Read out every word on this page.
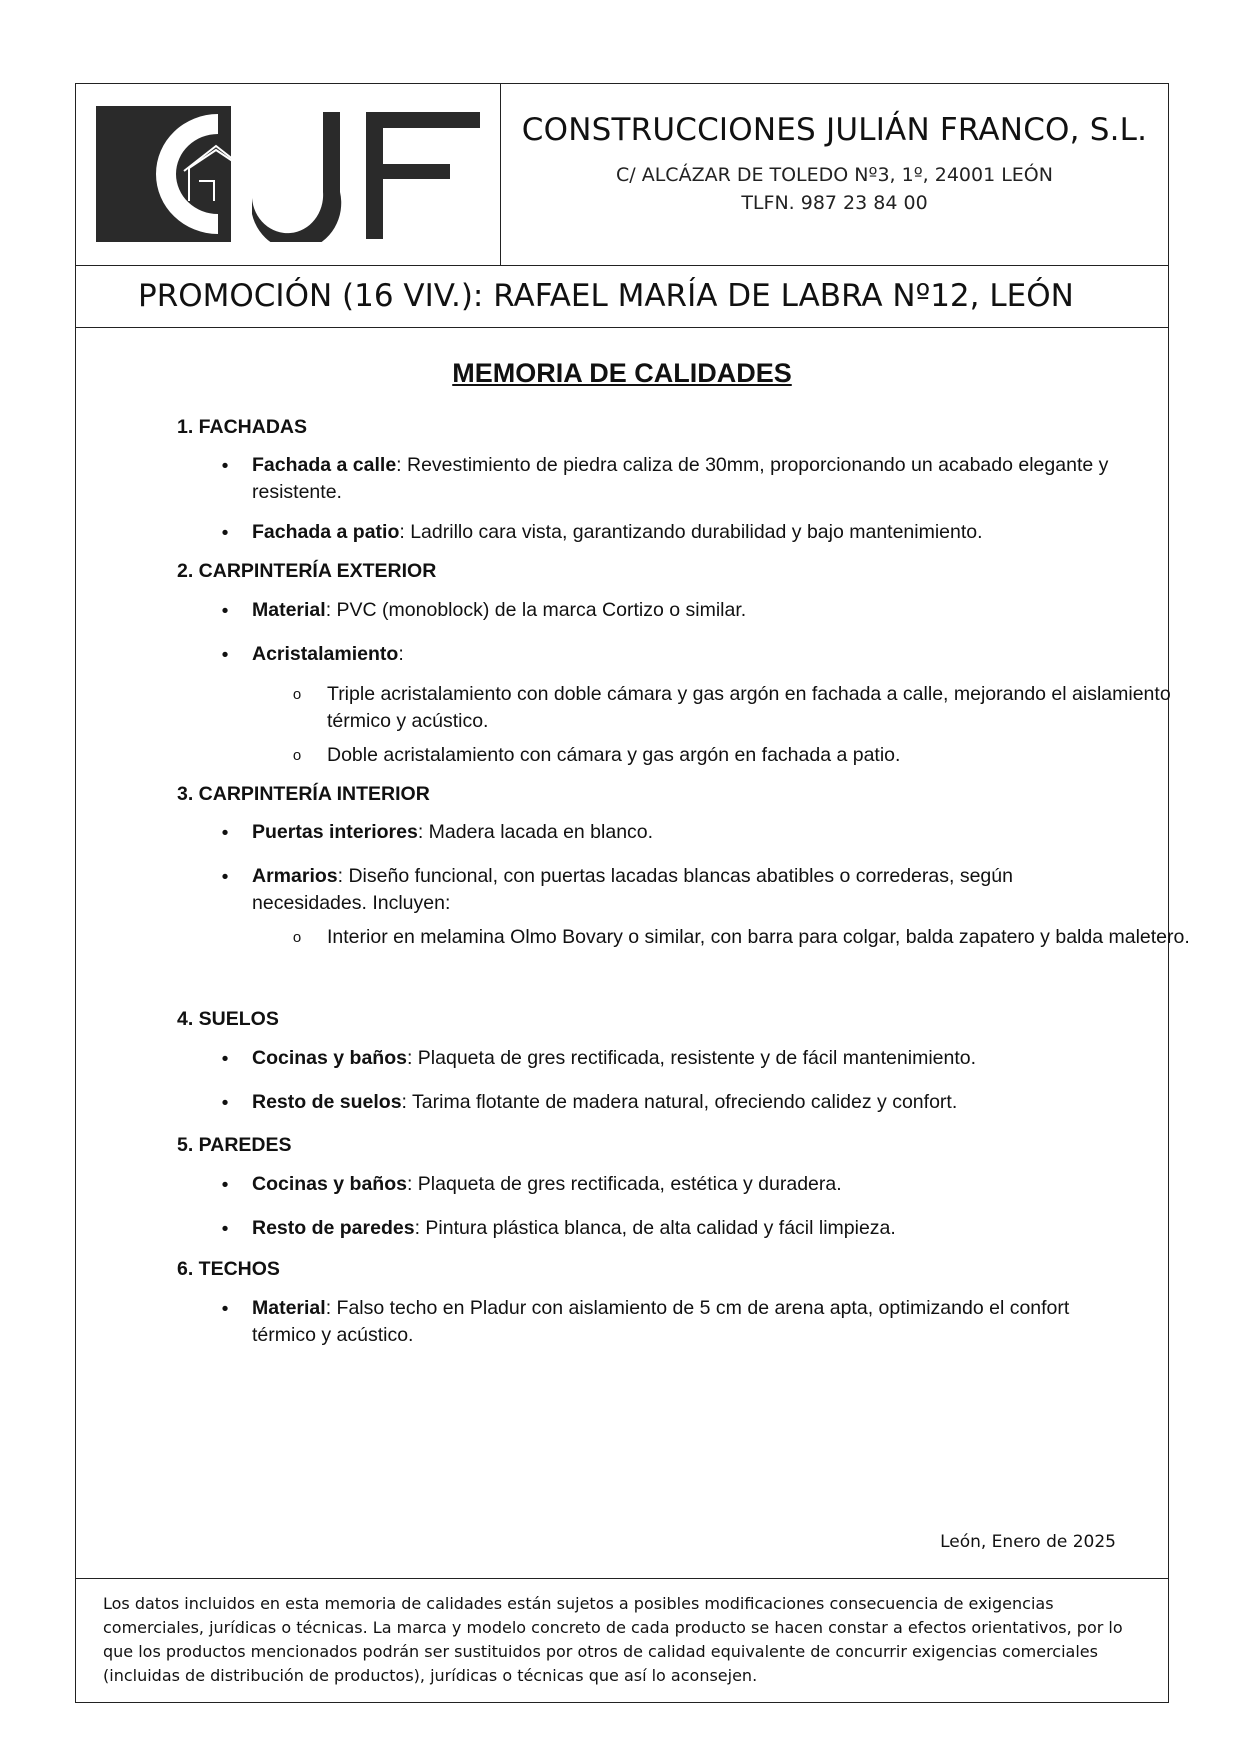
CONSTRUCCIONES JULIÁN FRANCO, S.L.
C/ ALCÁZAR DE TOLEDO Nº3, 1º, 24001 LEÓN
TLFN. 987 23 84 00
PROMOCIÓN (16 VIV.): RAFAEL MARÍA DE LABRA Nº12, LEÓN
MEMORIA DE CALIDADES
1. FACHADAS
• Fachada a calle: Revestimiento de piedra caliza de 30mm, proporcionando un acabado elegante y resistente.
• Fachada a patio: Ladrillo cara vista, garantizando durabilidad y bajo mantenimiento.
2. CARPINTERÍA EXTERIOR
• Material: PVC (monoblock) de la marca Cortizo o similar.
• Acristalamiento:
o Triple acristalamiento con doble cámara y gas argón en fachada a calle, mejorando el aislamiento térmico y acústico.
o Doble acristalamiento con cámara y gas argón en fachada a patio.
3. CARPINTERÍA INTERIOR
• Puertas interiores: Madera lacada en blanco.
• Armarios: Diseño funcional, con puertas lacadas blancas abatibles o correderas, según necesidades. Incluyen:
o Interior en melamina Olmo Bovary o similar, con barra para colgar, balda zapatero y balda maletero.
4. SUELOS
• Cocinas y baños: Plaqueta de gres rectificada, resistente y de fácil mantenimiento.
• Resto de suelos: Tarima flotante de madera natural, ofreciendo calidez y confort.
5. PAREDES
• Cocinas y baños: Plaqueta de gres rectificada, estética y duradera.
• Resto de paredes: Pintura plástica blanca, de alta calidad y fácil limpieza.
6. TECHOS
• Material: Falso techo en Pladur con aislamiento de 5 cm de arena apta, optimizando el confort térmico y acústico.
León, Enero de 2025
Los datos incluidos en esta memoria de calidades están sujetos a posibles modificaciones consecuencia de exigencias comerciales, jurídicas o técnicas. La marca y modelo concreto de cada producto se hacen constar a efectos orientativos, por lo que los productos mencionados podrán ser sustituidos por otros de calidad equivalente de concurrir exigencias comerciales (incluidas de distribución de productos), jurídicas o técnicas que así lo aconsejen.
